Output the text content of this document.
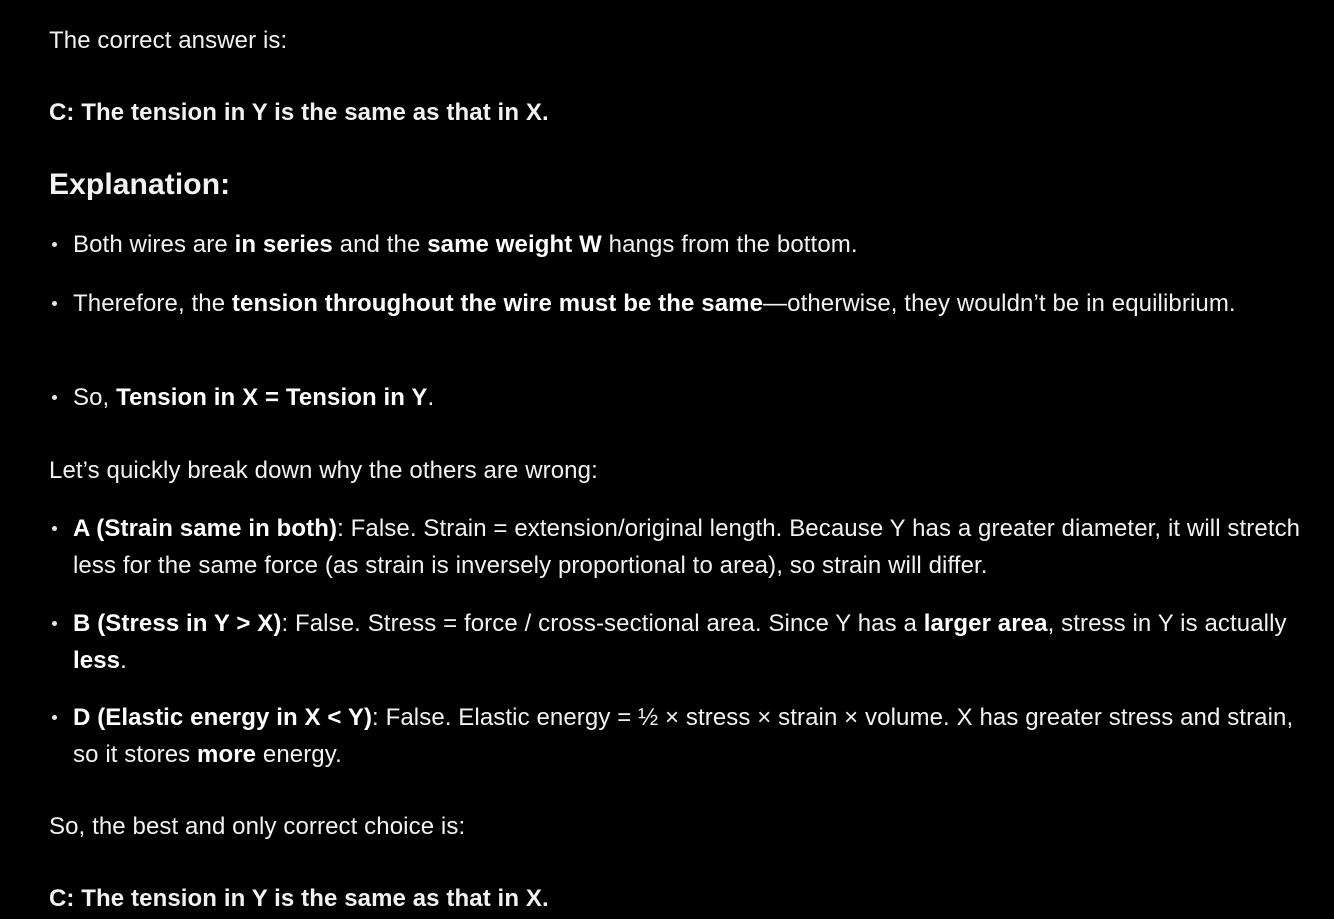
The correct answer is:

C: The tension in Y is the same as that in X.

Explanation:
Both wires are in series and the same weight W hangs from the bottom.
Therefore, the tension throughout the wire must be the same—otherwise, they wouldn’t be in equilibrium.
So, Tension in X = Tension in Y.

Let’s quickly break down why the others are wrong:

A (Strain same in both): False. Strain = extension/original length. Because Y has a greater diameter, it will stretch less for the same force (as strain is inversely proportional to area), so strain will differ.
B (Stress in Y > X): False. Stress = force / cross-sectional area. Since Y has a larger area, stress in Y is actually less.
D (Elastic energy in X < Y): False. Elastic energy = ½ × stress × strain × volume. X has greater stress and strain, so it stores more energy.

So, the best and only correct choice is:

C: The tension in Y is the same as that in X.
